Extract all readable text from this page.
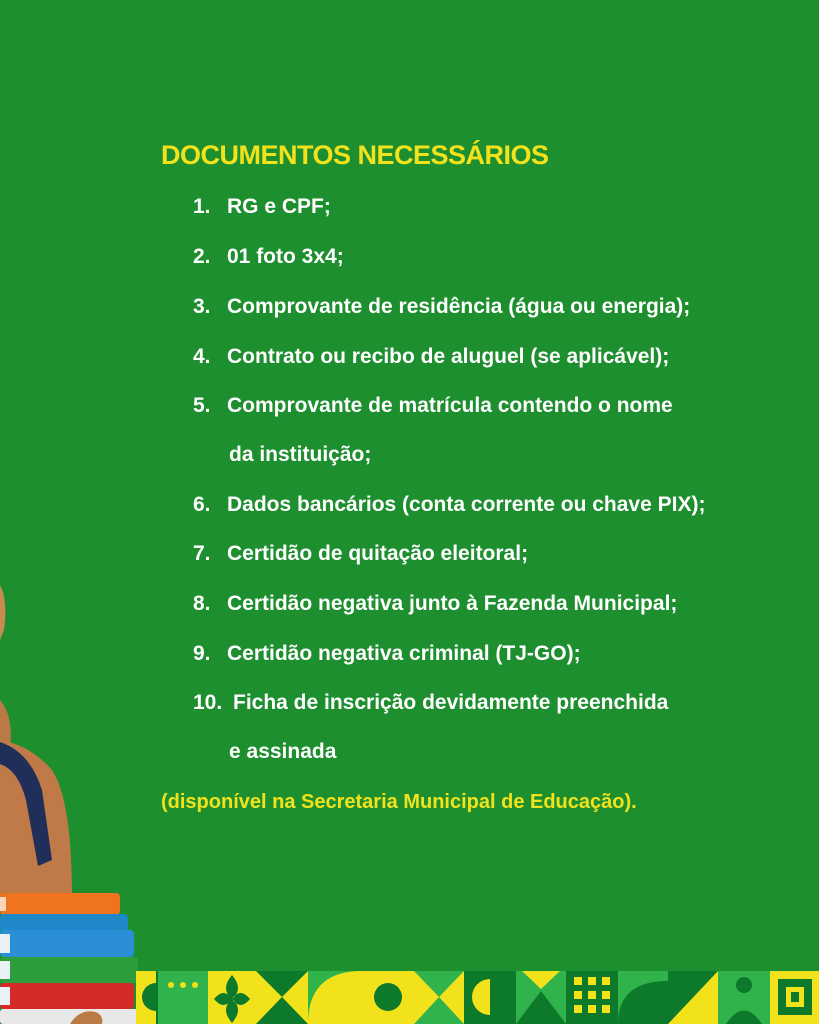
DOCUMENTOS NECESSÁRIOS
1. RG e CPF;
2. 01 foto 3x4;
3. Comprovante de residência (água ou energia);
4. Contrato ou recibo de aluguel (se aplicável);
5. Comprovante de matrícula contendo o nome
da instituição;
6. Dados bancários (conta corrente ou chave PIX);
7. Certidão de quitação eleitoral;
8. Certidão negativa junto à Fazenda Municipal;
9. Certidão negativa criminal (TJ-GO);
10. Ficha de inscrição devidamente preenchida
e assinada
(disponível na Secretaria Municipal de Educação).
